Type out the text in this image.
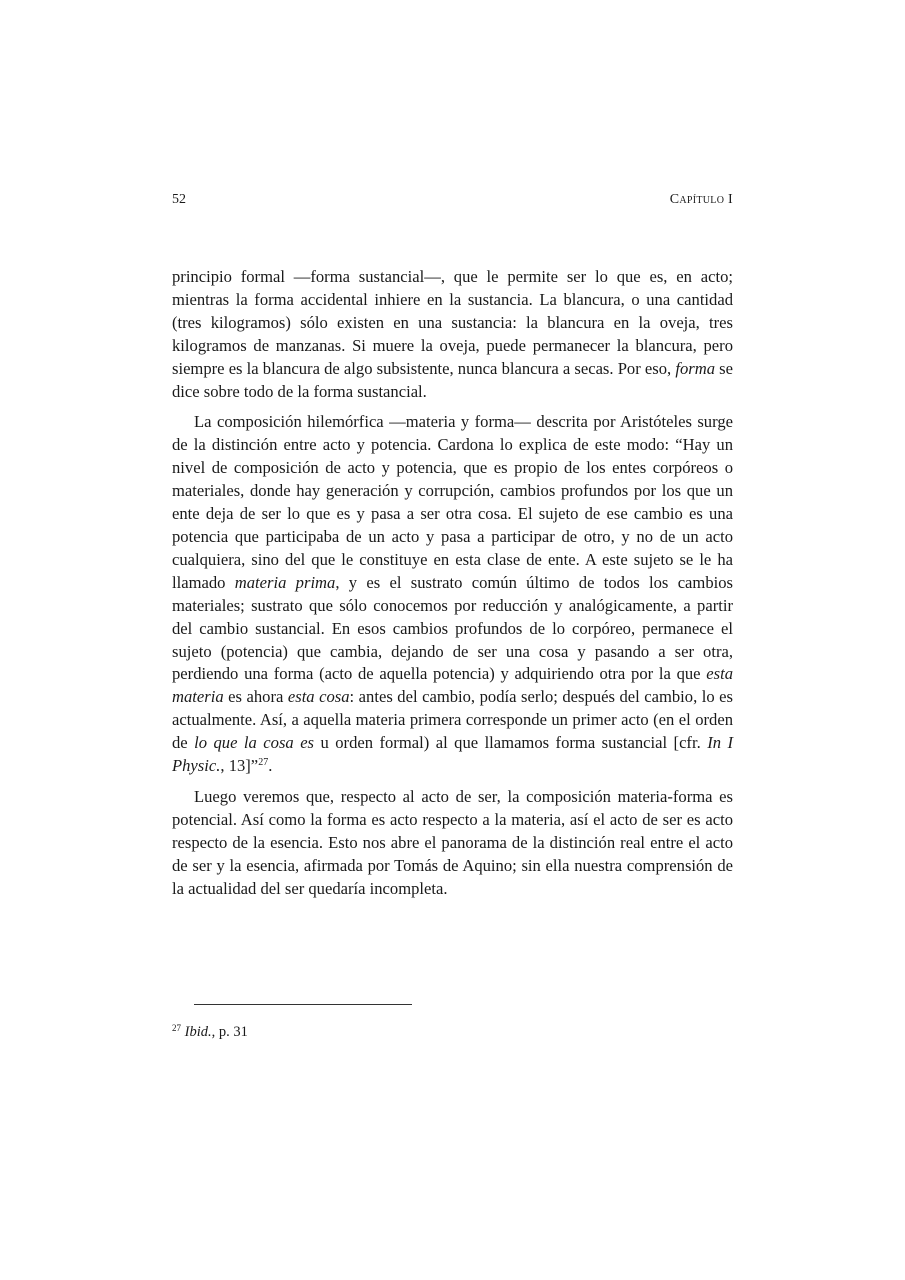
52	Capítulo I

principio formal —forma sustancial—, que le permite ser lo que es, en acto; mientras la forma accidental inhiere en la sustancia. La blancura, o una cantidad (tres kilogramos) sólo existen en una sustancia: la blancura en la oveja, tres kilogramos de manzanas. Si muere la oveja, puede permanecer la blancura, pero siempre es la blancura de algo subsistente, nunca blancura a secas. Por eso, forma se dice sobre todo de la forma sustancial.

La composición hilemórfica —materia y forma— descrita por Aristóteles surge de la distinción entre acto y potencia. Cardona lo explica de este modo: “Hay un nivel de composición de acto y potencia, que es propio de los entes corpóreos o materiales, donde hay generación y corrupción, cambios profundos por los que un ente deja de ser lo que es y pasa a ser otra cosa. El sujeto de ese cambio es una potencia que participaba de un acto y pasa a participar de otro, y no de un acto cualquiera, sino del que le constituye en esta clase de ente. A este sujeto se le ha llamado materia prima, y es el sustrato común último de todos los cambios materiales; sustrato que sólo conocemos por reducción y analógicamente, a partir del cambio sustancial. En esos cambios profundos de lo corpóreo, permanece el sujeto (potencia) que cambia, dejando de ser una cosa y pasando a ser otra, perdiendo una forma (acto de aquella potencia) y adquiriendo otra por la que esta materia es ahora esta cosa: antes del cambio, podía serlo; después del cambio, lo es actualmente. Así, a aquella materia primera corresponde un primer acto (en el orden de lo que la cosa es u orden formal) al que llamamos forma sustancial [cfr. In I Physic., 13]”$^{27}$.

Luego veremos que, respecto al acto de ser, la composición materia-forma es potencial. Así como la forma es acto respecto a la materia, así el acto de ser es acto respecto de la esencia. Esto nos abre el panorama de la distinción real entre el acto de ser y la esencia, afirmada por Tomás de Aquino; sin ella nuestra comprensión de la actualidad del ser quedaría incompleta.

$^{27}$ Ibid., p. 31
